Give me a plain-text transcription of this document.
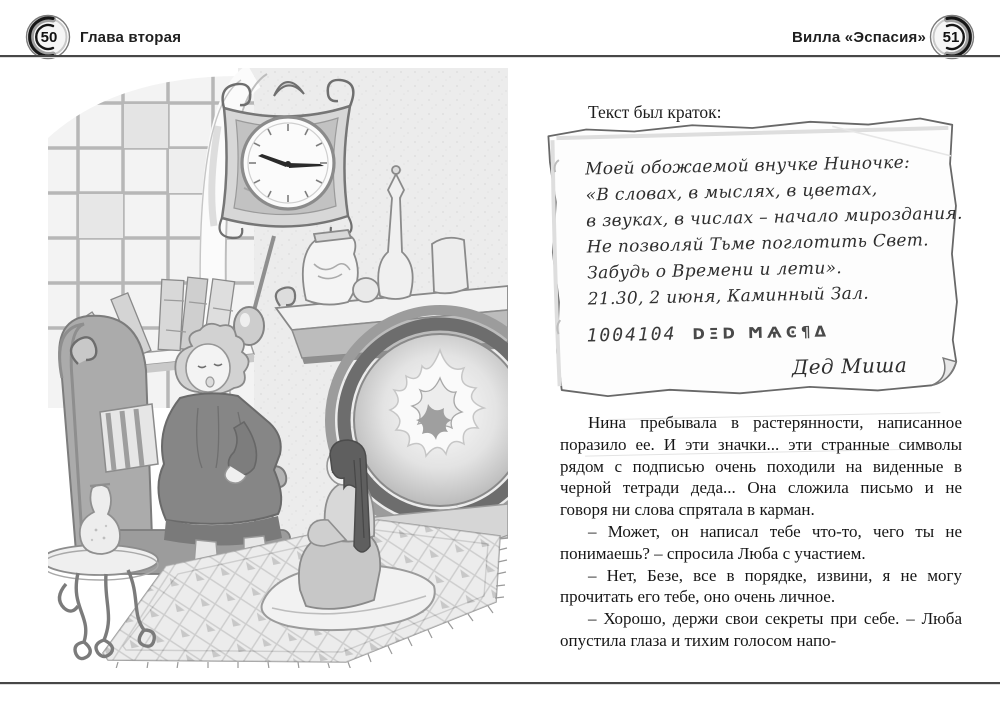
50 Глава вторая	Вилла «Эспасия» 51

Текст был краток:

Моей обожаемой внучке Ниночке:
«В словах, в мыслях, в цветах,
в звуках, в числах – начало мироздания.
Не позволяй Тьме поглотить Свет.
Забудь о Времени и лети».
21.30, 2 июня, Каминный Зал.
1004104 DΞD ϺѦϾ¶Δ
Дед Миша

Нина пребывала в растерянности, написанное поразило ее. И эти значки... эти странные символы рядом с подписью очень походили на виденные в черной тетради деда... Она сложила письмо и не говоря ни слова спрятала в карман.

– Может, он написал тебе что-то, чего ты не понимаешь? – спросила Люба с участием.

– Нет, Безе, все в порядке, извини, я не могу прочитать его тебе, оно очень личное.

– Хорошо, держи свои секреты при себе. – Люба опустила глаза и тихим голосом напо-
